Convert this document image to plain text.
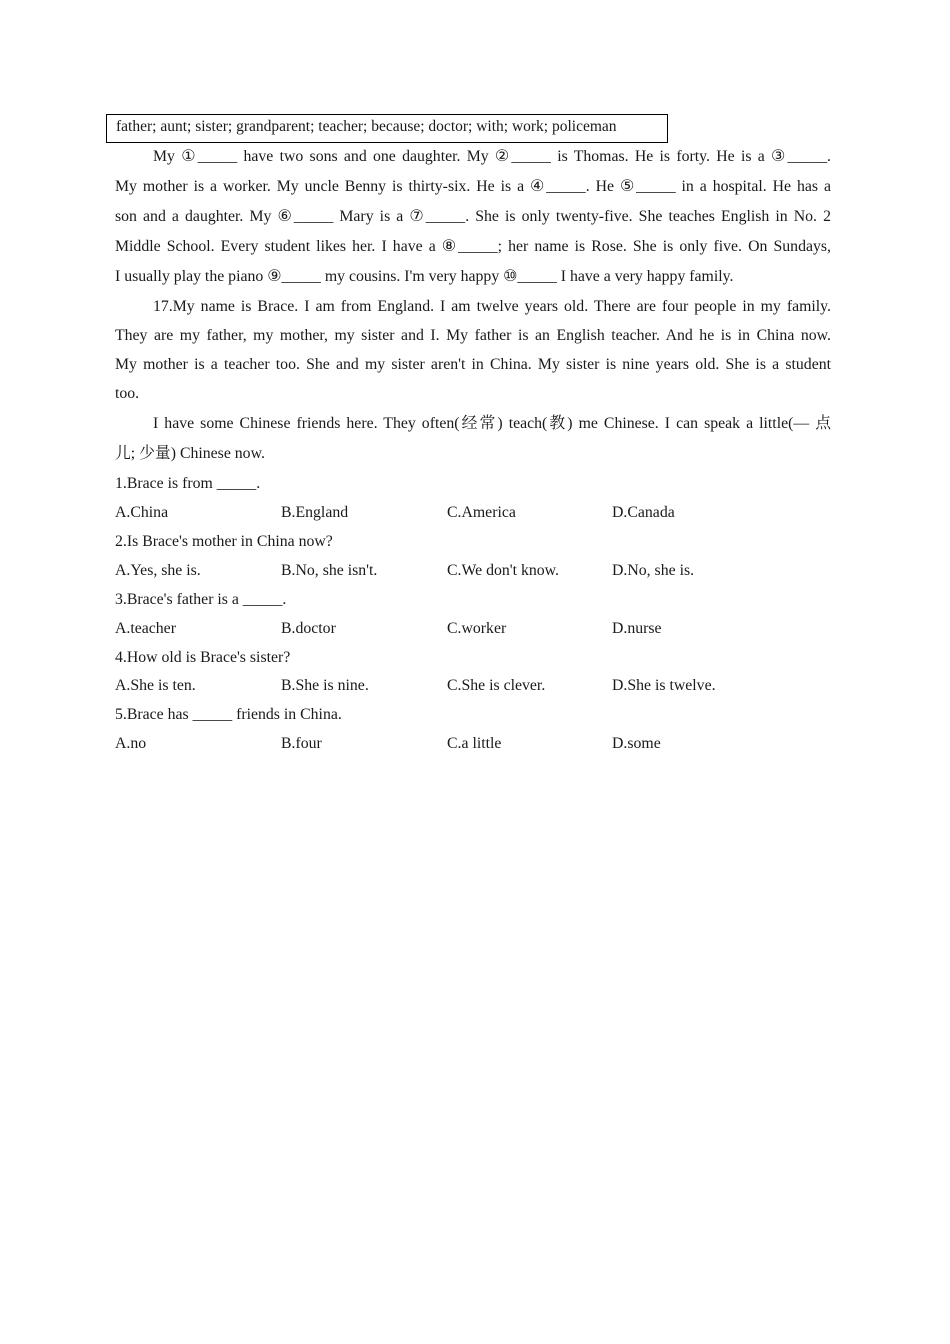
father; aunt; sister; grandparent; teacher; because; doctor; with; work; policeman
My ①_____ have two sons and one daughter. My ②_____ is Thomas. He is forty. He is a ③_____.
My mother is a worker. My uncle Benny is thirty-six. He is a ④_____. He ⑤_____ in a hospital. He has a
son and a daughter. My ⑥_____ Mary is a ⑦_____. She is only twenty-five. She teaches English in No. 2
Middle School. Every student likes her. I have a ⑧_____; her name is Rose. She is only five. On Sundays,
I usually play the piano ⑨_____ my cousins. I'm very happy ⑩_____ I have a very happy family.
17.My name is Brace. I am from England. I am twelve years old. There are four people in my family.
They are my father, my mother, my sister and I. My father is an English teacher. And he is in China now.
My mother is a teacher too. She and my sister aren't in China. My sister is nine years old. She is a student
too.
I have some Chinese friends here. They often(经常) teach(教) me Chinese. I can speak a little(— 点
儿; 少量) Chinese now.
1.Brace is from _____.
A.China	B.England	C.America	D.Canada
2.Is Brace's mother in China now?
A.Yes, she is.	B.No, she isn't.	C.We don't know.	D.No, she is.
3.Brace's father is a _____.
A.teacher	B.doctor	C.worker	D.nurse
4.How old is Brace's sister?
A.She is ten.	B.She is nine.	C.She is clever.	D.She is twelve.
5.Brace has _____ friends in China.
A.no	B.four	C.a little	D.some
